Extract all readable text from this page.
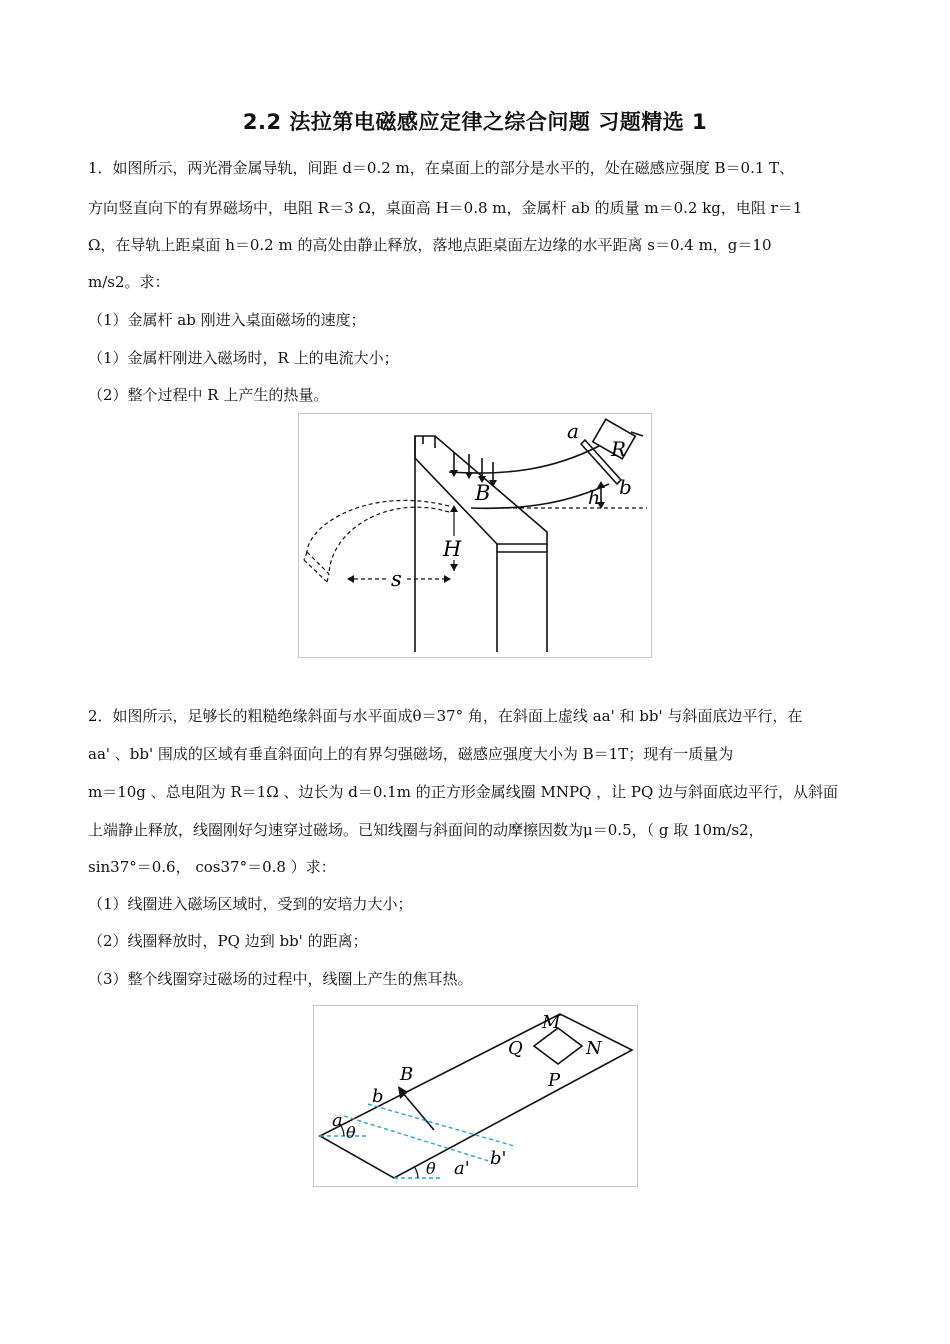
2.2 法拉第电磁感应定律之综合问题 习题精选 1
1．如图所示，两光滑金属导轨，间距 d＝0.2 m，在桌面上的部分是水平的，处在磁感应强度 B＝0.1 T、
方向竖直向下的有界磁场中，电阻 R＝3 Ω，桌面高 H＝0.8 m，金属杆 ab 的质量 m＝0.2 kg，电阻 r＝1
Ω，在导轨上距桌面 h＝0.2 m 的高处由静止释放，落地点距桌面左边缘的水平距离 s＝0.4 m，g＝10
m/s2。求：
（1）金属杆 ab 刚进入桌面磁场的速度；
（1）金属杆刚进入磁场时，R 上的电流大小；
（2）整个过程中 R 上产生的热量。
a
R
b
B	h
H
s
2．如图所示，足够长的粗糙绝缘斜面与水平面成θ＝37° 角，在斜面上虚线 aa' 和 bb' 与斜面底边平行，在
aa' 、bb' 围成的区域有垂直斜面向上的有界匀强磁场，磁感应强度大小为 B＝1T；现有一质量为
m＝10g 、总电阻为 R＝1Ω 、边长为 d＝0.1m 的正方形金属线圈 MNPQ ，让 PQ 边与斜面底边平行，从斜面
上端静止释放，线圈刚好匀速穿过磁场。已知线圈与斜面间的动摩擦因数为μ＝0.5，（ g 取 10m/s2，
sin37°＝0.6， cos37°＝0.8 ）求：
（1）线圈进入磁场区域时，受到的安培力大小；
（2）线圈释放时，PQ 边到 bb' 的距离；
（3）整个线圈穿过磁场的过程中，线圈上产生的焦耳热。
M
N
P
Q
B
b
a
θ
θ a' b'
